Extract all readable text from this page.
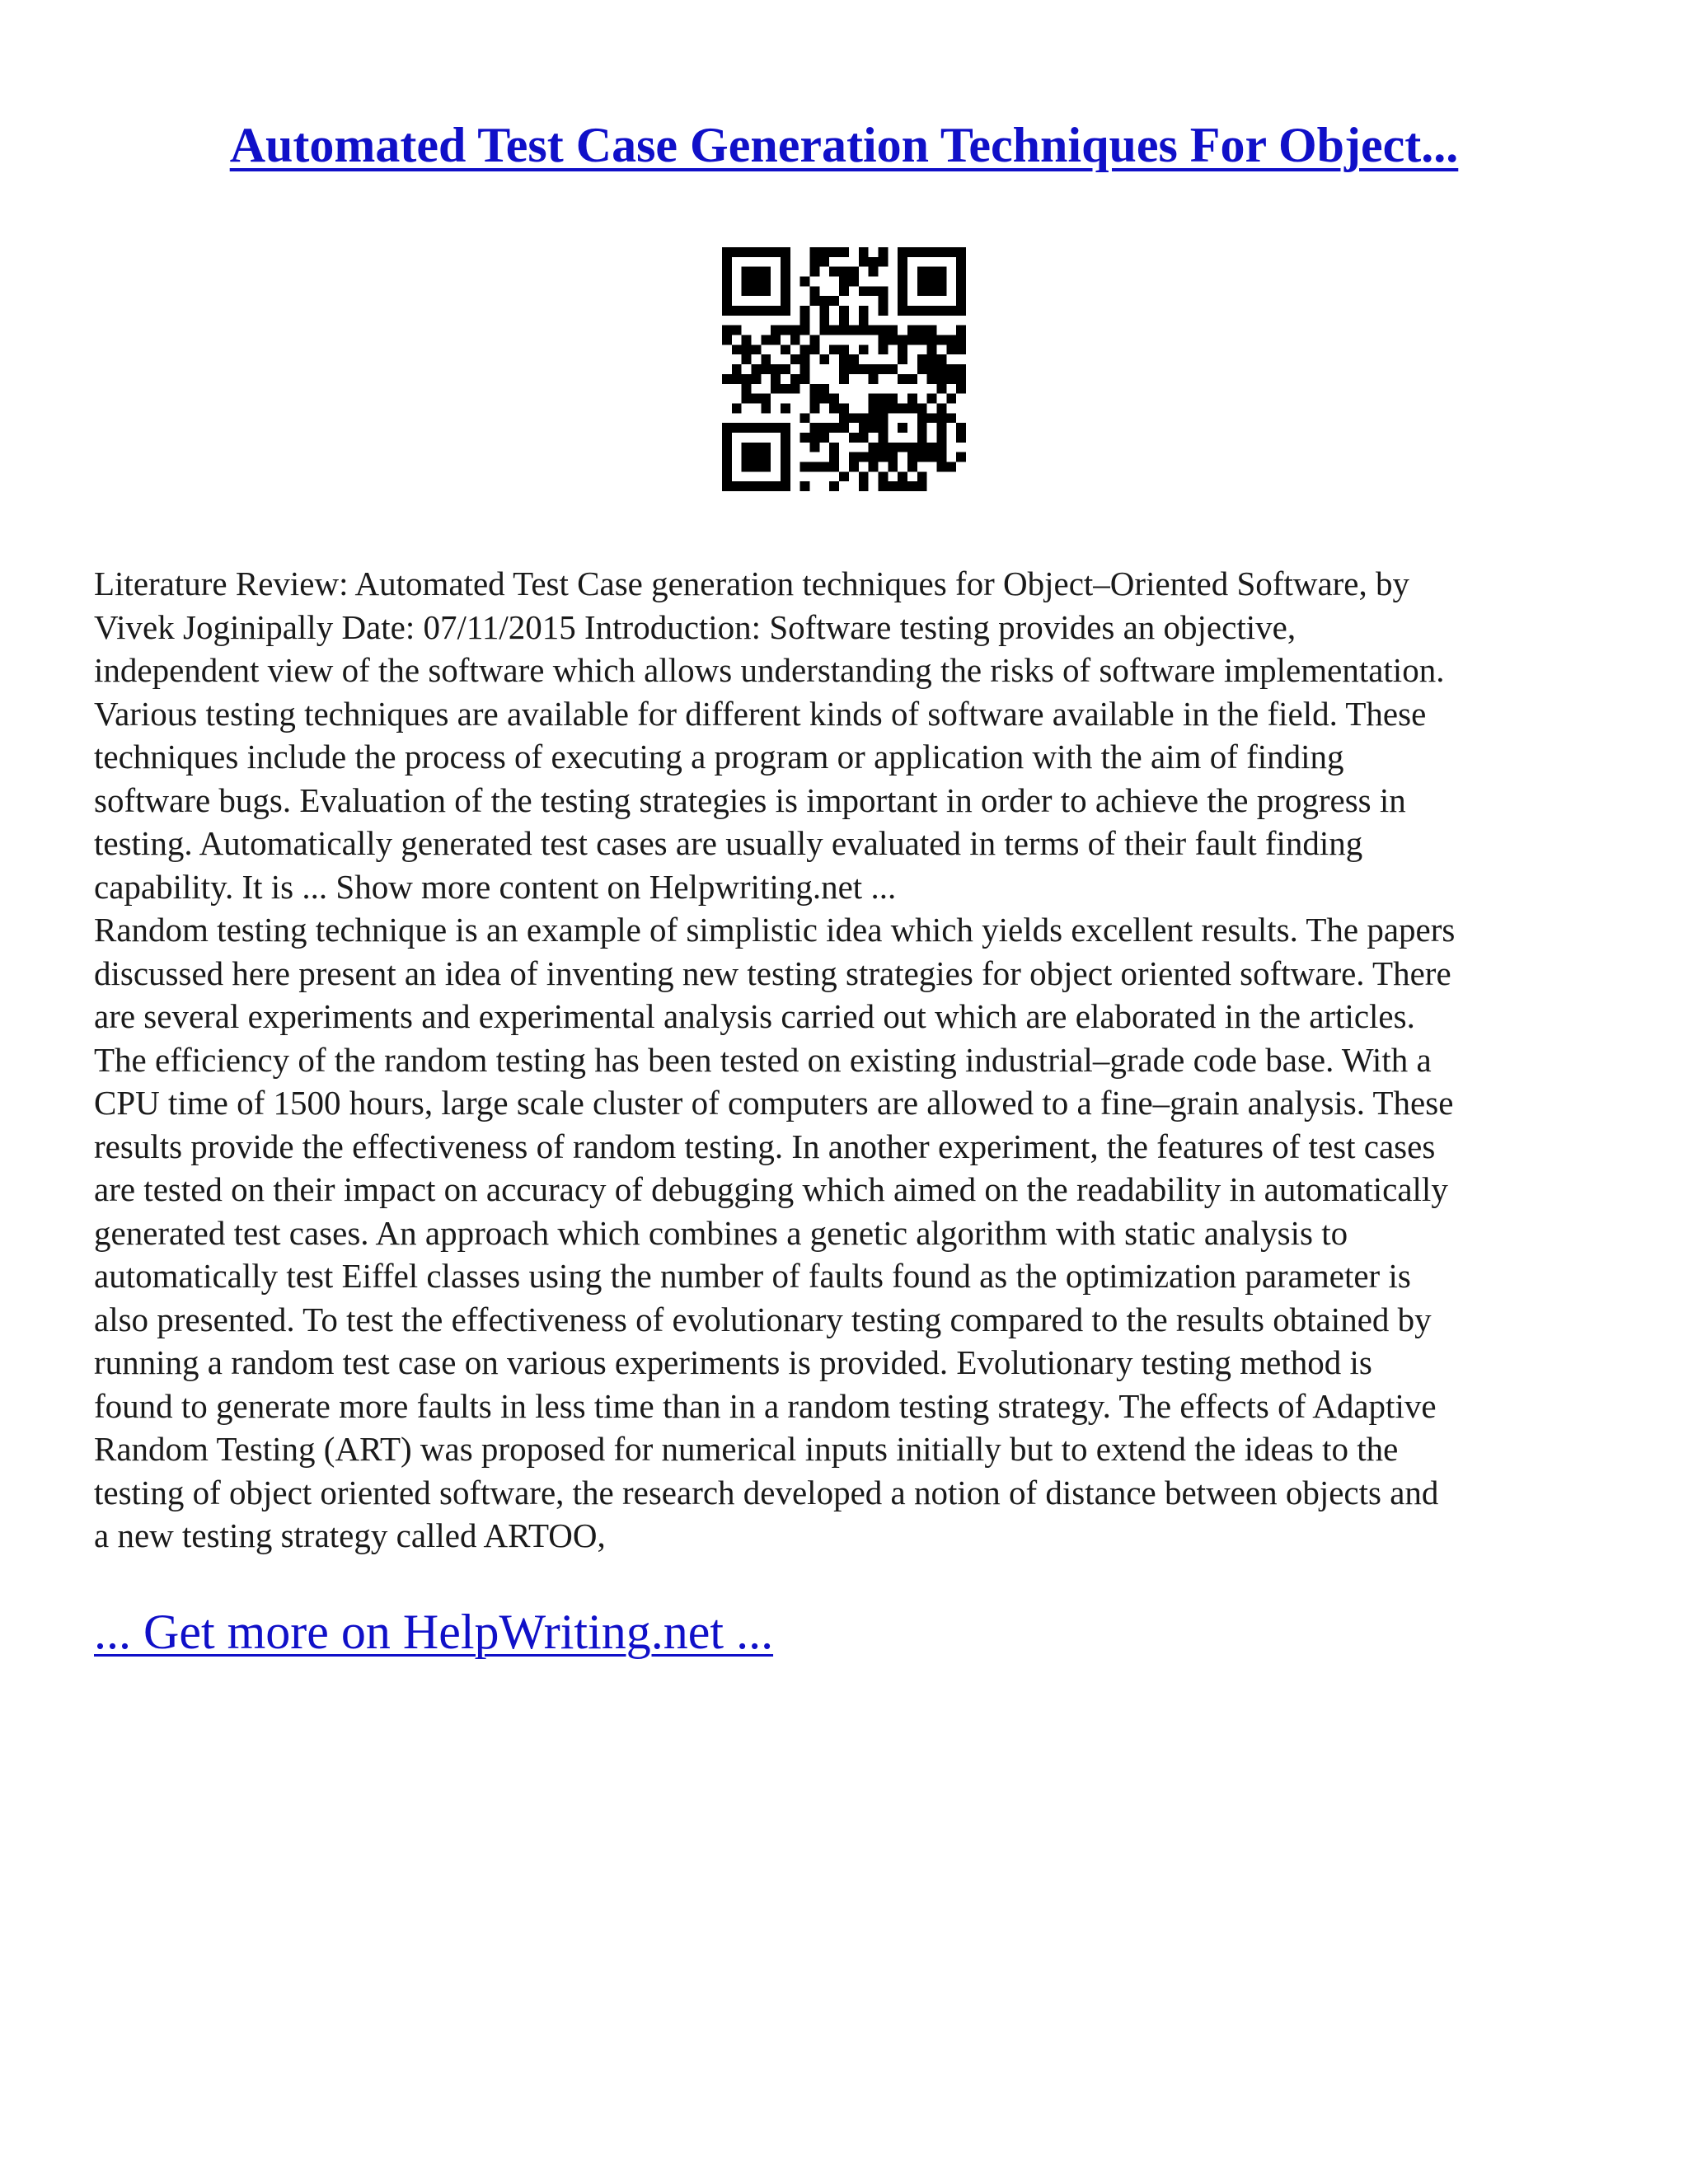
Automated Test Case Generation Techniques For Object...

Literature Review: Automated Test Case generation techniques for Object–Oriented Software, by
Vivek Joginipally Date: 07/11/2015 Introduction: Software testing provides an objective,
independent view of the software which allows understanding the risks of software implementation.
Various testing techniques are available for different kinds of software available in the field. These
techniques include the process of executing a program or application with the aim of finding
software bugs. Evaluation of the testing strategies is important in order to achieve the progress in
testing. Automatically generated test cases are usually evaluated in terms of their fault finding
capability. It is ... Show more content on Helpwriting.net ...

Random testing technique is an example of simplistic idea which yields excellent results. The papers
discussed here present an idea of inventing new testing strategies for object oriented software. There
are several experiments and experimental analysis carried out which are elaborated in the articles.
The efficiency of the random testing has been tested on existing industrial–grade code base. With a
CPU time of 1500 hours, large scale cluster of computers are allowed to a fine–grain analysis. These
results provide the effectiveness of random testing. In another experiment, the features of test cases
are tested on their impact on accuracy of debugging which aimed on the readability in automatically
generated test cases. An approach which combines a genetic algorithm with static analysis to
automatically test Eiffel classes using the number of faults found as the optimization parameter is
also presented. To test the effectiveness of evolutionary testing compared to the results obtained by
running a random test case on various experiments is provided. Evolutionary testing method is
found to generate more faults in less time than in a random testing strategy. The effects of Adaptive
Random Testing (ART) was proposed for numerical inputs initially but to extend the ideas to the
testing of object oriented software, the research developed a notion of distance between objects and
a new testing strategy called ARTOO,

... Get more on HelpWriting.net ...
